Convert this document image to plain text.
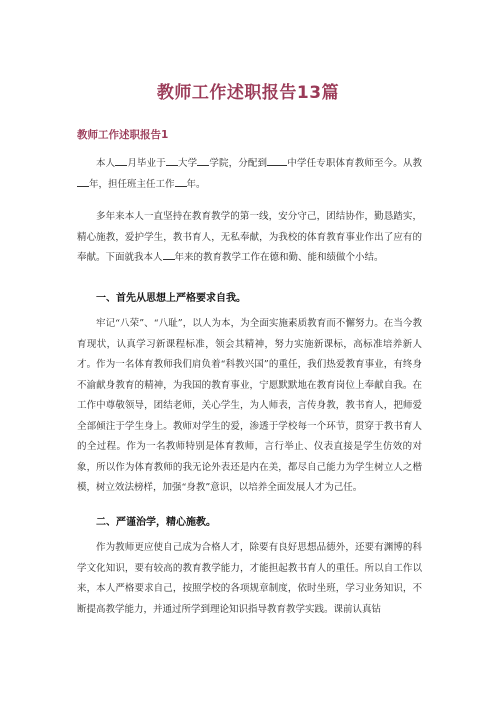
教师工作述职报告13篇
教师工作述职报告1

本人 月毕业于 大学 学院，分配到 中学任专职体育教师至今。从教年，担任班主任工作 年。

多年来本人一直坚持在教育教学的第一线，安分守己，团结协作，勤恳踏实，精心施教，爱护学生，教书育人，无私奉献，为我校的体育教育事业作出了应有的奉献。下面就我本人 年来的教育教学工作在德和勤、能和绩做个小结。

一、首先从思想上严格要求自我。

牢记“八荣”、“八耻”，以人为本，为全面实施素质教育而不懈努力。在当今教育现状，认真学习新课程标准，领会其精神，努力实施新课标，高标准培养新人才。作为一名体育教师我们肩负着“科教兴国”的重任，我们热爱教育事业，有终身不渝献身教育的精神，为我国的教育事业，宁愿默默地在教育岗位上奉献自我。在工作中尊敬领导，团结老师，关心学生，为人师表，言传身教，教书育人，把师爱全部倾注于学生身上。教师对学生的爱，渗透于学校每一个环节，贯穿于教书育人的全过程。作为一名教师特别是体育教师，言行举止、仪表直接是学生仿效的对象，所以作为体育教师的我无论外表还是内在美，都尽自己能力为学生树立人之楷模，树立效法榜样，加强“身教”意识，以培养全面发展人才为己任。

二、严谨治学，精心施教。

作为教师更应使自己成为合格人才，除要有良好思想品德外，还要有渊博的科学文化知识，要有较高的教育教学能力，才能担起教书育人的重任。所以自工作以来，本人严格要求自己，按照学校的各项规章制度，依时坐班，学习业务知识，不断提高教学能力，并通过所学到理论知识指导教育教学实践。课前认真钻
